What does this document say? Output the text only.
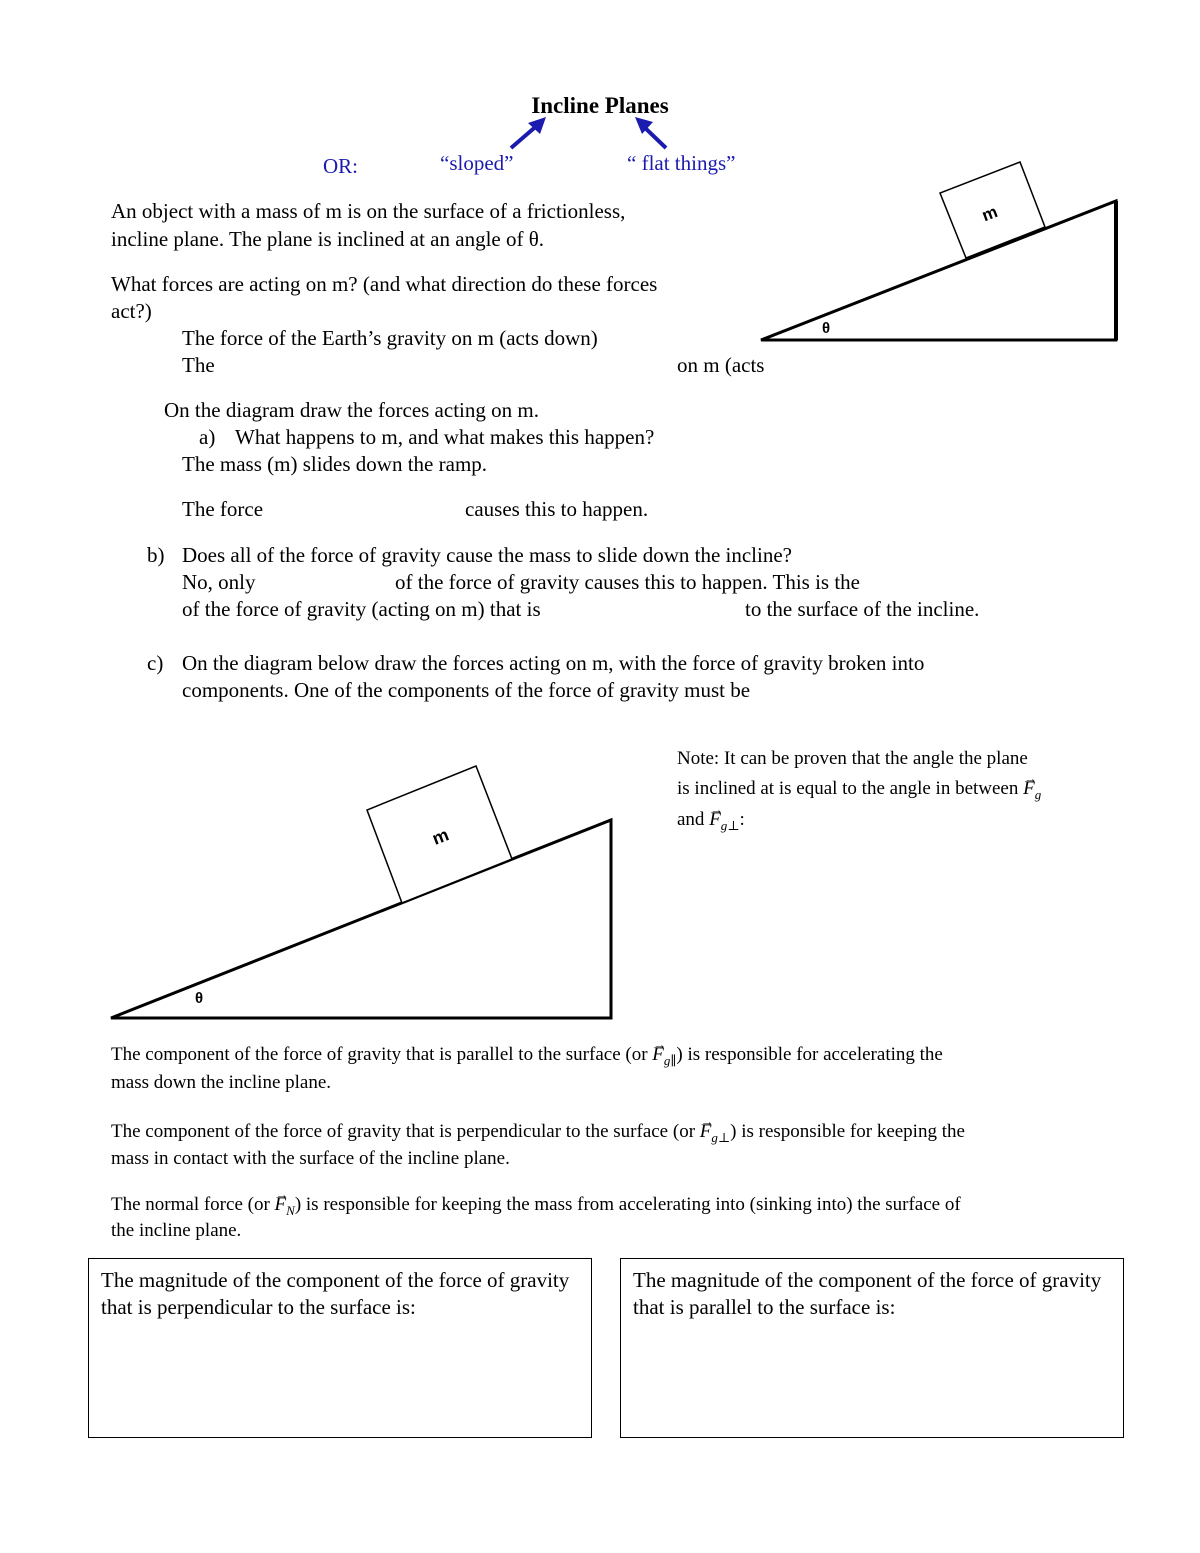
Incline Planes
OR:	“sloped”	“ flat things”
An object with a mass of m is on the surface of a frictionless,
incline plane. The plane is inclined at an angle of θ.
What forces are acting on m? (and what direction do these forces
act?)
The force of the Earth’s gravity on m (acts down)
The	on m (acts
m
θ
On the diagram draw the forces acting on m.
a) What happens to m, and what makes this happen?
The mass (m) slides down the ramp.
The force	causes this to happen.
b) Does all of the force of gravity cause the mass to slide down the incline?
No, only	of the force of gravity causes this to happen. This is the
of the force of gravity (acting on m) that is	to the surface of the incline.
c) On the diagram below draw the forces acting on m, with the force of gravity broken into
components. One of the components of the force of gravity must be
Note: It can be proven that the angle the plane
is inclined at is equal to the angle in between → $F_g$
and → $F_{g\perp}$:
m
θ
The component of the force of gravity that is parallel to the surface $(or \to F_{g\parallel})$ is responsible for accelerating the
mass down the incline plane.
The component of the force of gravity that is perpendicular to the surface $(or \to F_{g\perp})$ is responsible for keeping the
mass in contact with the surface of the incline plane.
The normal force $(or \to F_N)$ is responsible for keeping the mass from accelerating into (sinking into) the surface of
the incline plane.
The magnitude of the component of the force of gravity that is perpendicular to the surface is:
The magnitude of the component of the force of gravity that is parallel to the surface is:
